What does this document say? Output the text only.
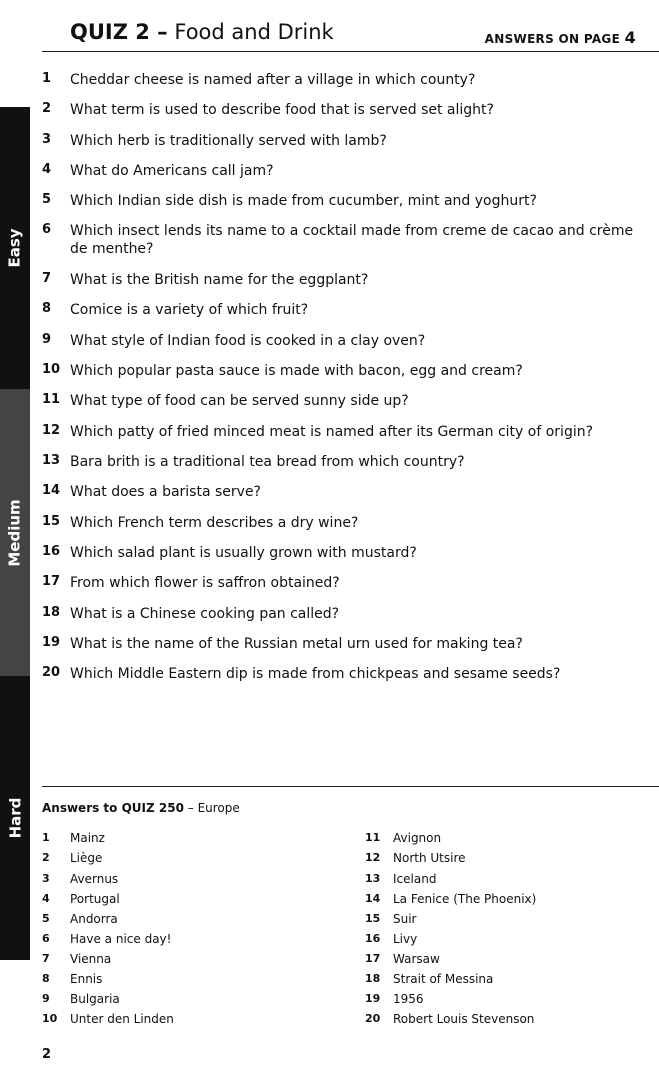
QUIZ 2 – Food and Drink	ANSWERS ON PAGE 4
Easy
Medium
Hard
1	Cheddar cheese is named after a village in which county?
2	What term is used to describe food that is served set alight?
3	Which herb is traditionally served with lamb?
4	What do Americans call jam?
5	Which Indian side dish is made from cucumber, mint and yoghurt?
6	Which insect lends its name to a cocktail made from creme de cacao and crème de menthe?
7	What is the British name for the eggplant?
8	Comice is a variety of which fruit?
9	What style of Indian food is cooked in a clay oven?
10 Which popular pasta sauce is made with bacon, egg and cream?
11 What type of food can be served sunny side up?
12 Which patty of fried minced meat is named after its German city of origin?
13 Bara brith is a traditional tea bread from which country?
14 What does a barista serve?
15 Which French term describes a dry wine?
16 Which salad plant is usually grown with mustard?
17 From which flower is saffron obtained?
18 What is a Chinese cooking pan called?
19 What is the name of the Russian metal urn used for making tea?
20 Which Middle Eastern dip is made from chickpeas and sesame seeds?
Answers to QUIZ 250 – Europe
1 Mainz
2 Liège
3 Avernus
4 Portugal
5 Andorra
6 Have a nice day!
7 Vienna
8 Ennis
9 Bulgaria
10 Unter den Linden
11 Avignon
12 North Utsire
13 Iceland
14 La Fenice (The Phoenix)
15 Suir
16 Livy
17 Warsaw
18 Strait of Messina
19 1956
20 Robert Louis Stevenson
2
